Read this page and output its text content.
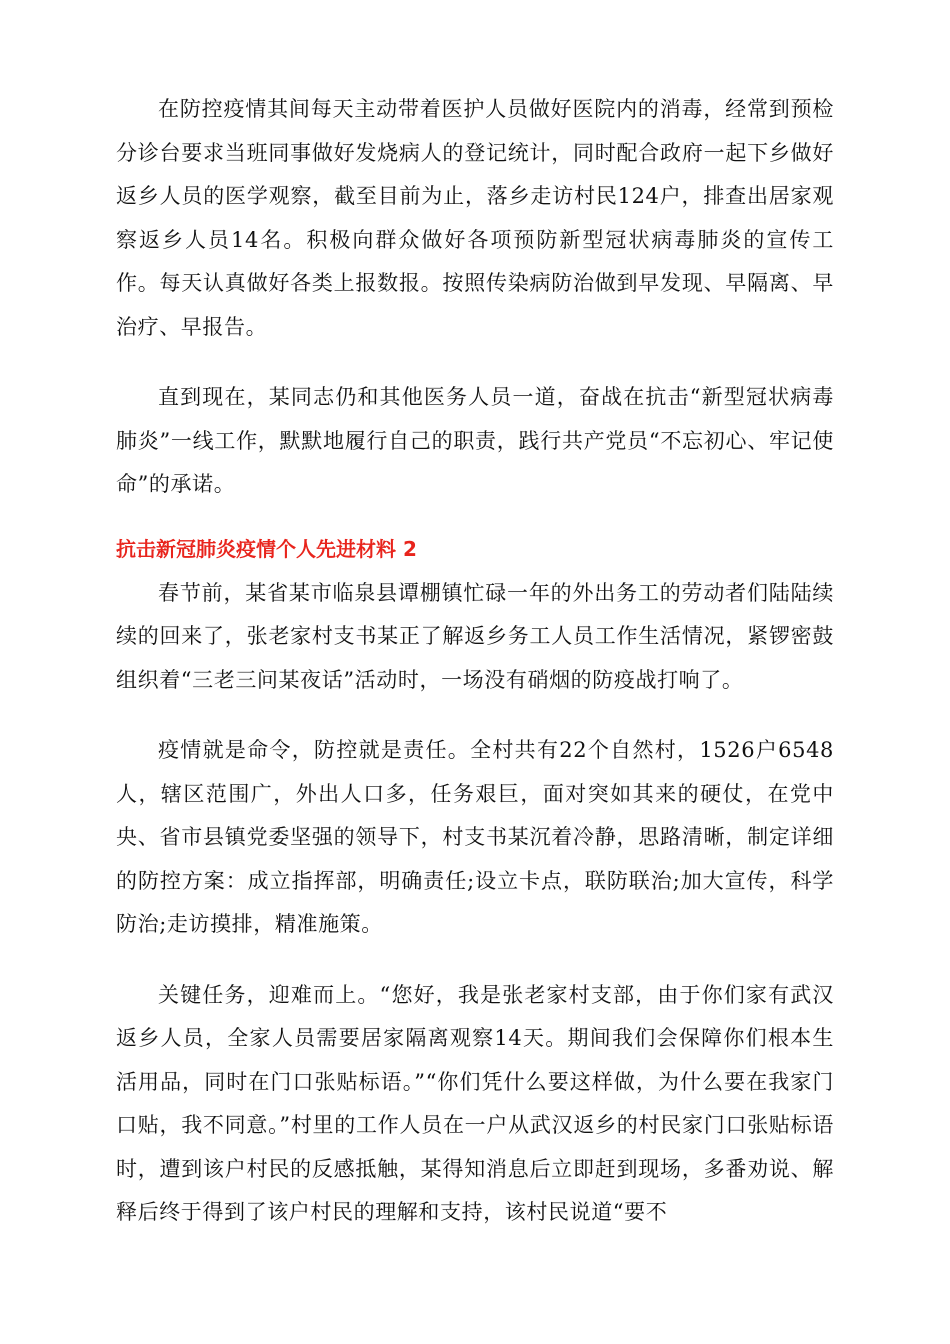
在防控疫情其间每天主动带着医护人员做好医院内的消毒，经常到预检分诊台要求当班同事做好发烧病人的登记统计，同时配合政府一起下乡做好返乡人员的医学观察，截至目前为止，落乡走访村民124户，排查出居家观察返乡人员14名。积极向群众做好各项预防新型冠状病毒肺炎的宣传工作。每天认真做好各类上报数报。按照传染病防治做到早发现、早隔离、早治疗、早报告。

直到现在，某同志仍和其他医务人员一道，奋战在抗击“新型冠状病毒肺炎”一线工作，默默地履行自己的职责，践行共产党员“不忘初心、牢记使命”的承诺。

抗击新冠肺炎疫情个人先进材料 2

春节前，某省某市临泉县谭棚镇忙碌一年的外出务工的劳动者们陆陆续续的回来了，张老家村支书某正了解返乡务工人员工作生活情况，紧锣密鼓组织着“三老三问某夜话”活动时，一场没有硝烟的防疫战打响了。

疫情就是命令，防控就是责任。全村共有22个自然村，1526户6548人，辖区范围广，外出人口多，任务艰巨，面对突如其来的硬仗，在党中央、省市县镇党委坚强的领导下，村支书某沉着冷静，思路清晰，制定详细的防控方案：成立指挥部，明确责任;设立卡点，联防联治;加大宣传，科学防治;走访摸排，精准施策。

关键任务，迎难而上。“您好，我是张老家村支部，由于你们家有武汉返乡人员，全家人员需要居家隔离观察14天。期间我们会保障你们根本生活用品，同时在门口张贴标语。”“你们凭什么要这样做，为什么要在我家门口贴，我不同意。”村里的工作人员在一户从武汉返乡的村民家门口张贴标语时，遭到该户村民的反感抵触，某得知消息后立即赶到现场，多番劝说、解释后终于得到了该户村民的理解和支持，该村民说道“要不
